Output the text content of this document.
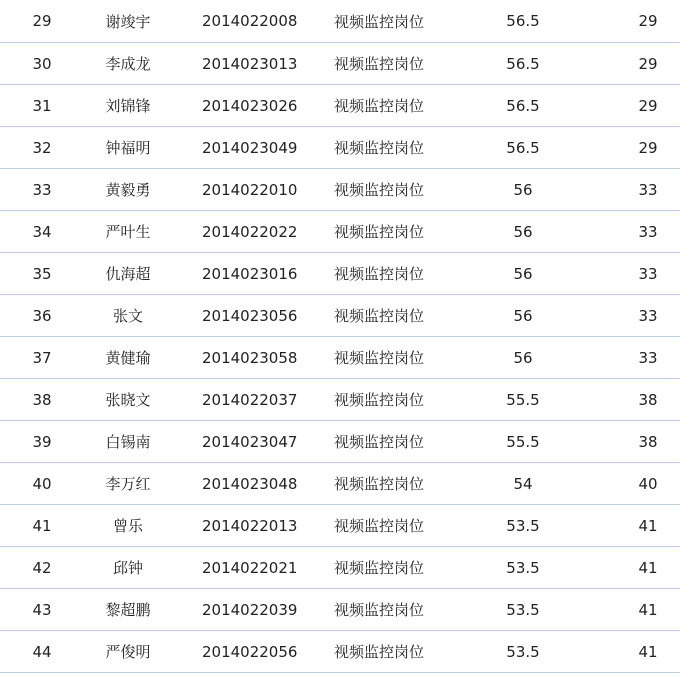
29	谢竣宇	2014022008 视频监控岗位	56.5	29
30	李成龙	2014023013 视频监控岗位	56.5	29
31	刘锦锋	2014023026 视频监控岗位	56.5	29
32	钟福明	2014023049 视频监控岗位	56.5	29
33	黄毅勇	2014022010 视频监控岗位	56	33
34	严叶生	2014022022 视频监控岗位	56	33
35	仇海超	2014023016 视频监控岗位	56	33
36	张文	2014023056 视频监控岗位	56	33
37	黄健瑜	2014023058 视频监控岗位	56	33
38	张晓文	2014022037 视频监控岗位	55.5	38
39	白锡南	2014023047 视频监控岗位	55.5	38
40	李万红	2014023048 视频监控岗位	54	40
41	曾乐	2014022013 视频监控岗位	53.5	41
42	邱钟	2014022021 视频监控岗位	53.5	41
43	黎超鹏	2014022039 视频监控岗位	53.5	41
44	严俊明	2014022056 视频监控岗位	53.5	41
